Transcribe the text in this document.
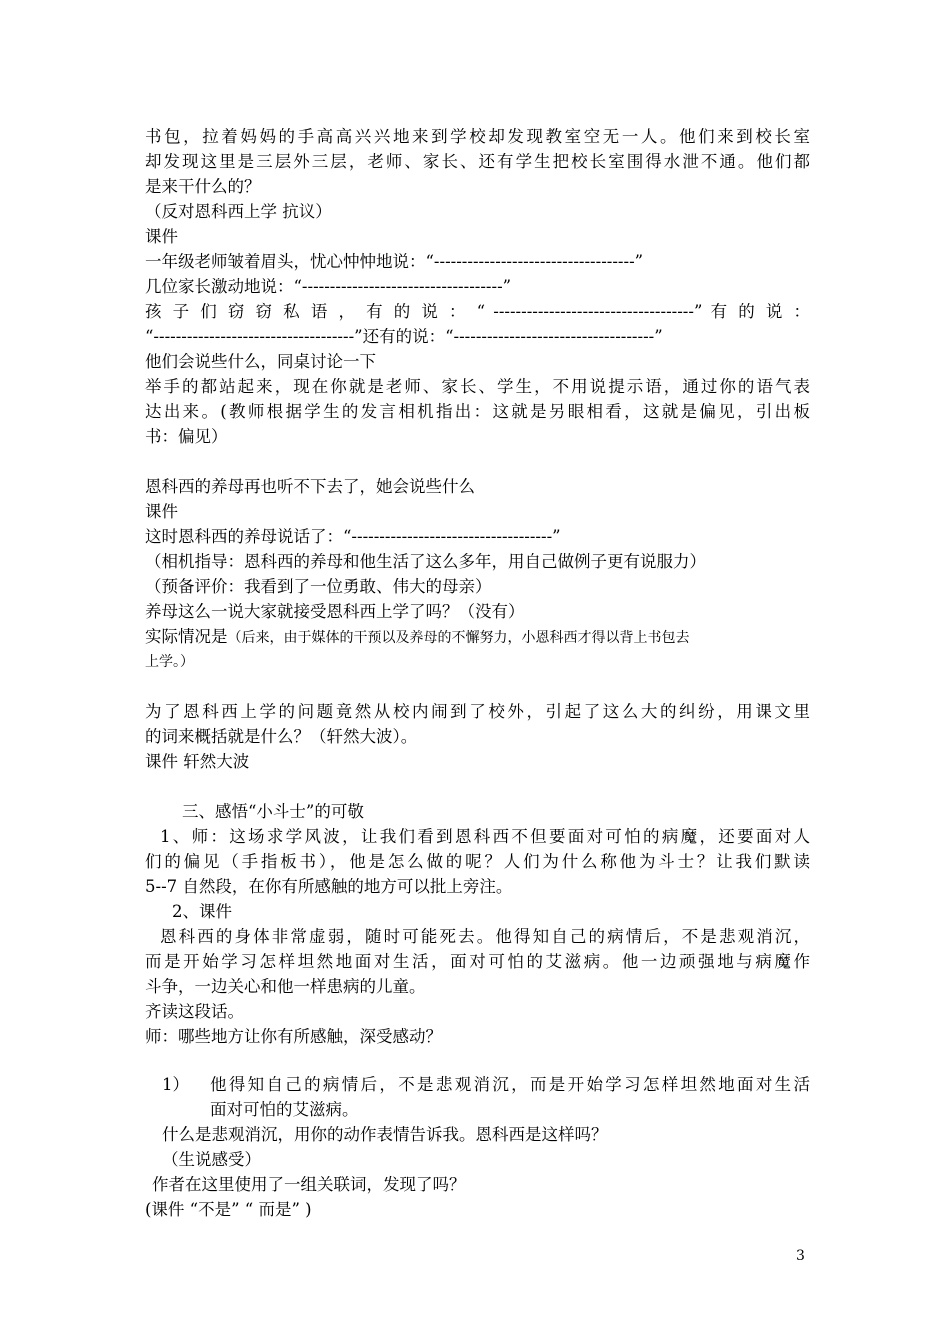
书包，拉着妈妈的手高高兴兴地来到学校却发现教室空无一人。他们来到校长室
却发现这里是三层外三层，老师、家长、还有学生把校长室围得水泄不通。他们都
是来干什么的？
（反对恩科西上学 抗议）
课件
一年级老师皱着眉头，忧心忡忡地说：“------------------------------------”
几位家长激动地说：“------------------------------------”
孩 子 们 窃 窃 私 语 ， 有 的 说 ： “ ------------------------------------” 有 的 说 ：
“------------------------------------”还有的说：“------------------------------------”
他们会说些什么，同桌讨论一下
举手的都站起来，现在你就是老师、家长、学生，不用说提示语，通过你的语气表
达出来。(教师根据学生的发言相机指出：这就是另眼相看，这就是偏见，引出板
书：偏见）
恩科西的养母再也听不下去了，她会说些什么
课件
这时恩科西的养母说话了：“------------------------------------”
（相机指导：恩科西的养母和他生活了这么多年，用自己做例子更有说服力）
（预备评价：我看到了一位勇敢、伟大的母亲）
养母这么一说大家就接受恩科西上学了吗？（没有）
实际情况是（后来，由于媒体的干预以及养母的不懈努力，小恩科西才得以背上书包去
上学。）
为了恩科西上学的问题竟然从校内闹到了校外，引起了这么大的纠纷，用课文里
的词来概括就是什么？（轩然大波）。
课件 轩然大波
三、感悟“小斗士”的可敬
1、师：这场求学风波，让我们看到恩科西不但要面对可怕的病魔，还要面对人
们的偏见（手指板书），他是怎么做的呢？人们为什么称他为斗士？让我们默读
5--7 自然段，在你有所感触的地方可以批上旁注。
2、课件
恩科西的身体非常虚弱，随时可能死去。他得知自己的病情后，不是悲观消沉，
而是开始学习怎样坦然地面对生活，面对可怕的艾滋病。他一边顽强地与病魔作
斗争，一边关心和他一样患病的儿童。
齐读这段话。
师：哪些地方让你有所感触，深受感动？
1） 他得知自己的病情后，不是悲观消沉，而是开始学习怎样坦然地面对生活
面对可怕的艾滋病。
什么是悲观消沉，用你的动作表情告诉我。恩科西是这样吗？
（生说感受）
作者在这里使用了一组关联词，发现了吗？
(课件 “不是” “ 而是” )
3
